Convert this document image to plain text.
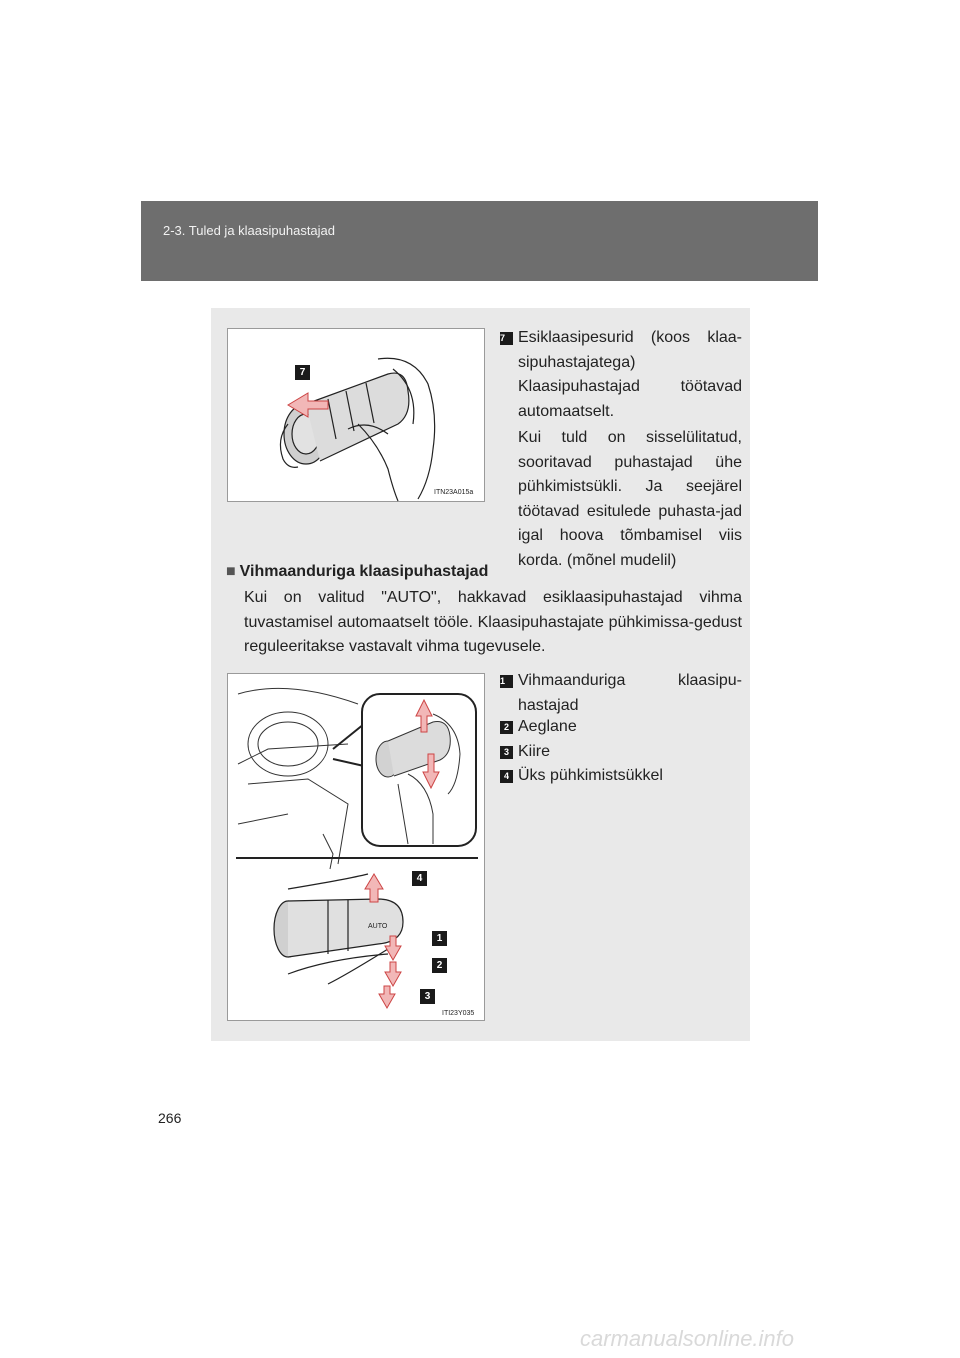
2-3. Tuled ja klaasipuhastajad
7
ITN23A015a
7 Esiklaasipesurid (koos klaa-sipuhastajatega)
Klaasipuhastajad töötavad automaatselt.
Kui tuld on sisselülitatud, sooritavad puhastajad ühe pühkimistsükli. Ja seejärel töötavad esitulede puhasta-jad igal hoova tõmbamisel viis korda. (mõnel mudelil)
■ Vihmaanduriga klaasipuhastajad
Kui on valitud "AUTO", hakkavad esiklaasipuhastajad vihma tuvastamisel automaatselt tööle. Klaasipuhastajate pühkimissa-gedust reguleeritakse vastavalt vihma tugevusele.
AUTO
4
1
2
3
ITI23Y035
1 Vihmaanduriga klaasipu-hastajad
2 Aeglane
3 Kiire
4 Üks pühkimistsükkel
266
carmanualsonline.info
